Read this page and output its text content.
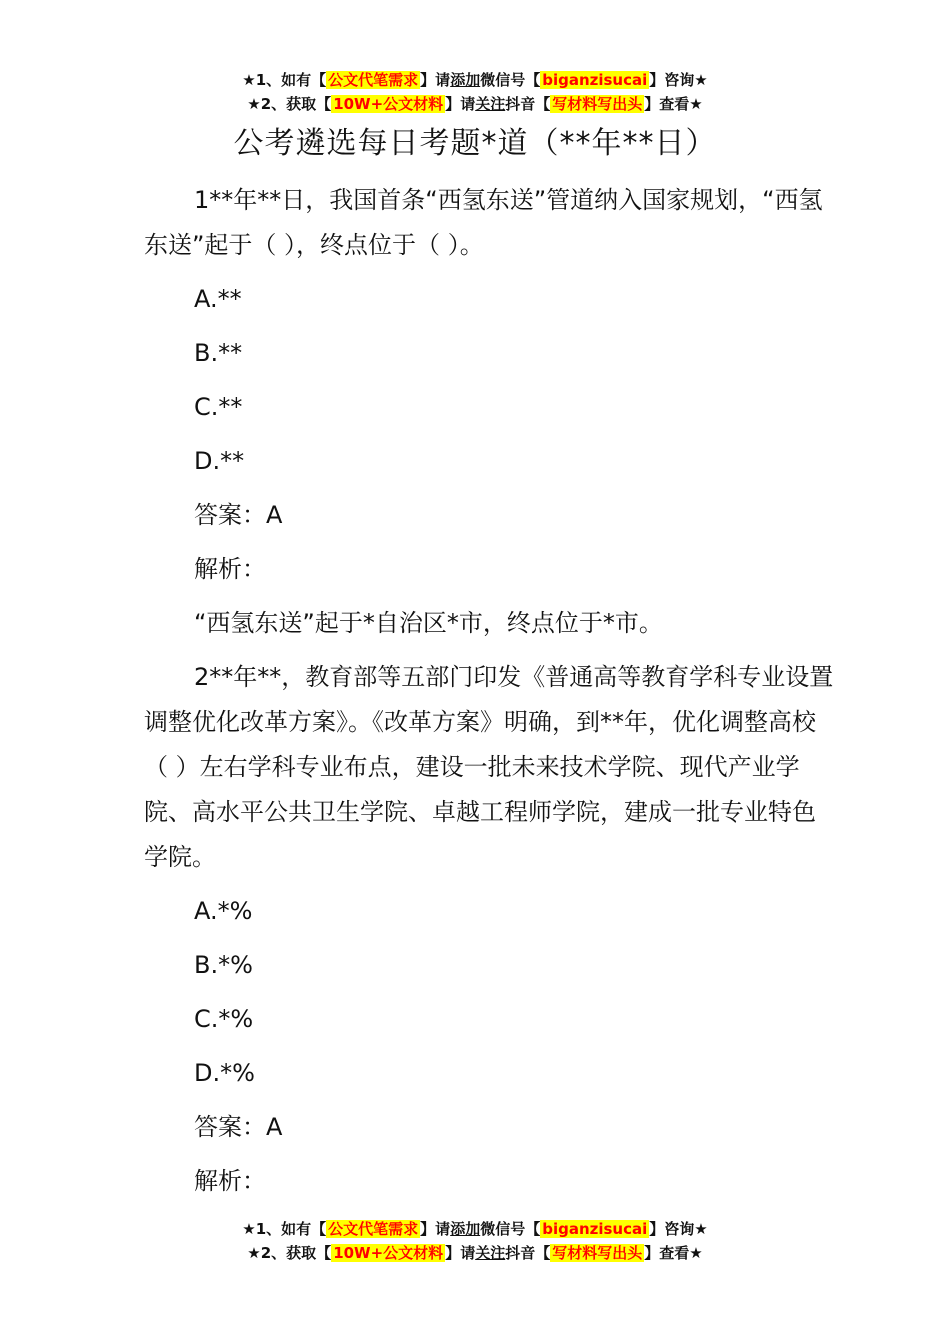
★1、如有【 公文代笔需求 】请添加微信号【 biganzisucai 】咨询★
★2、获取【 10W+公文材料 】请关注抖音【 写材料写出头 】查看★
公考遴选每日考题*道（**年**日）

1**年**日，我国首条“西氢东送”管道纳入国家规划，“西氢东送”起于（ ），终点位于（ ）。

A.**

B.**

C.**

D.**

答案：A

解析：

“西氢东送”起于*自治区*市，终点位于*市。

2**年**，教育部等五部门印发《普通高等教育学科专业设置调整优化改革方案》。《改革方案》明确，到**年，优化调整高校（ ）左右学科专业布点，建设一批未来技术学院、现代产业学院、高水平公共卫生学院、卓越工程师学院，建成一批专业特色学院。

A.*%

B.*%

C.*%

D.*%

答案：A

解析：

★1、如有【 公文代笔需求 】请添加微信号【 biganzisucai 】咨询★
★2、获取【 10W+公文材料 】请关注抖音【 写材料写出头 】查看★
